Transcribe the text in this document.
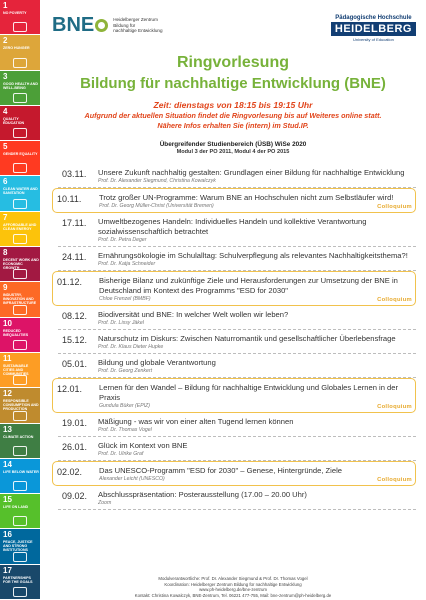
1
NO POVERTY
2
ZERO HUNGER
3
GOOD HEALTH AND WELL-BEING
4
QUALITY EDUCATION
5
GENDER EQUALITY
6
CLEAN WATER AND SANITATION
7
AFFORDABLE AND CLEAN ENERGY
8
DECENT WORK AND ECONOMIC GROWTH
9
INDUSTRY, INNOVATION AND INFRASTRUCTURE
10
REDUCED INEQUALITIES
11
SUSTAINABLE CITIES AND COMMUNITIES
12
RESPONSIBLE CONSUMPTION AND PRODUCTION
13
CLIMATE ACTION
14
LIFE BELOW WATER
15
LIFE ON LAND
16
PEACE, JUSTICE AND STRONG INSTITUTIONS
17
PARTNERSHIPS FOR THE GOALS
BNE	Heidelberger Zentrum
Bildung für
nachhaltige Entwicklung
Pädagogische Hochschule
HEIDELBERG
University of Education
Ringvorlesung
Bildung für nachhaltige Entwicklung (BNE)
Zeit: dienstags von 18:15 bis 19:15 Uhr
Aufgrund der aktuellen Situation findet die Ringvorlesung bis auf Weiteres online statt.
Nähere Infos erhalten Sie (intern) im Stud.IP.
Übergreifender Studienbereich (ÜSB) WiSe 2020
Modul 3 der PO 2011, Modul 4 der PO 2015
03.11. Unsere Zukunft nachhaltig gestalten: Grundlagen einer Bildung für nachhaltige Entwicklung
Prof. Dr. Alexander Siegmund, Christina Kowalczyk
10.11. Trotz großer UN-Programme: Warum BNE an Hochschulen nicht zum Selbstläufer wird!
Prof. Dr. Georg Müller-Christ (Universität Bremen)	Colloquium
17.11. Umweltbezogenes Handeln: Individuelles Handeln und kollektive Verantwortung sozialwissenschaftlich betrachtet
Prof. Dr. Petra Deger
24.11. Ernährungsökologie im Schulalltag: Schulverpflegung als relevantes Nachhaltigkeitsthema?!
Prof. Dr. Katja Schneider
01.12. Bisherige Bilanz und zukünftige Ziele und Herausforderungen zur Umsetzung der BNE in Deutschland im Kontext des Programms "ESD for 2030"
Chloe Frenzel (BMBF)	Colloquium
08.12. Biodiversität und BNE: In welcher Welt wollen wir leben?
Prof. Dr. Lissy Jäkel
15.12. Naturschutz im Diskurs: Zwischen Naturromantik und gesellschaftlicher Überlebensfrage
Prof. Dr. Klaus Dieter Hupke
05.01. Bildung und globale Verantwortung
Prof. Dr. Georg Zenkert
12.01. Lernen für den Wandel – Bildung für nachhaltige Entwicklung und Globales Lernen in der Praxis
Gundula Büker (EPIZ)	Colloquium
19.01. Mäßigung - was wir von einer alten Tugend lernen können
Prof. Dr. Thomas Vogel
26.01. Glück im Kontext von BNE
Prof. Dr. Ulrike Graf
02.02. Das UNESCO-Programm "ESD for 2030" – Genese, Hintergründe, Ziele
Alexander Leicht (UNESCO)	Colloquium
09.02. Abschlusspräsentation: Posterausstellung (17.00 – 20.00 Uhr)
Zoom
Modulverantwortliche: Prof. Dr. Alexander Siegmund & Prof. Dr. Thomas Vogel
Koordination: Heidelberger Zentrum Bildung für nachhaltige Entwicklung
www.ph-heidelberg.de/bne-zentrum
Kontakt: Christina Kowalczyk, BNE-Zentrum, Tel. 06221 477-755, Mail: bne-zentrum@ph-heidelberg.de
